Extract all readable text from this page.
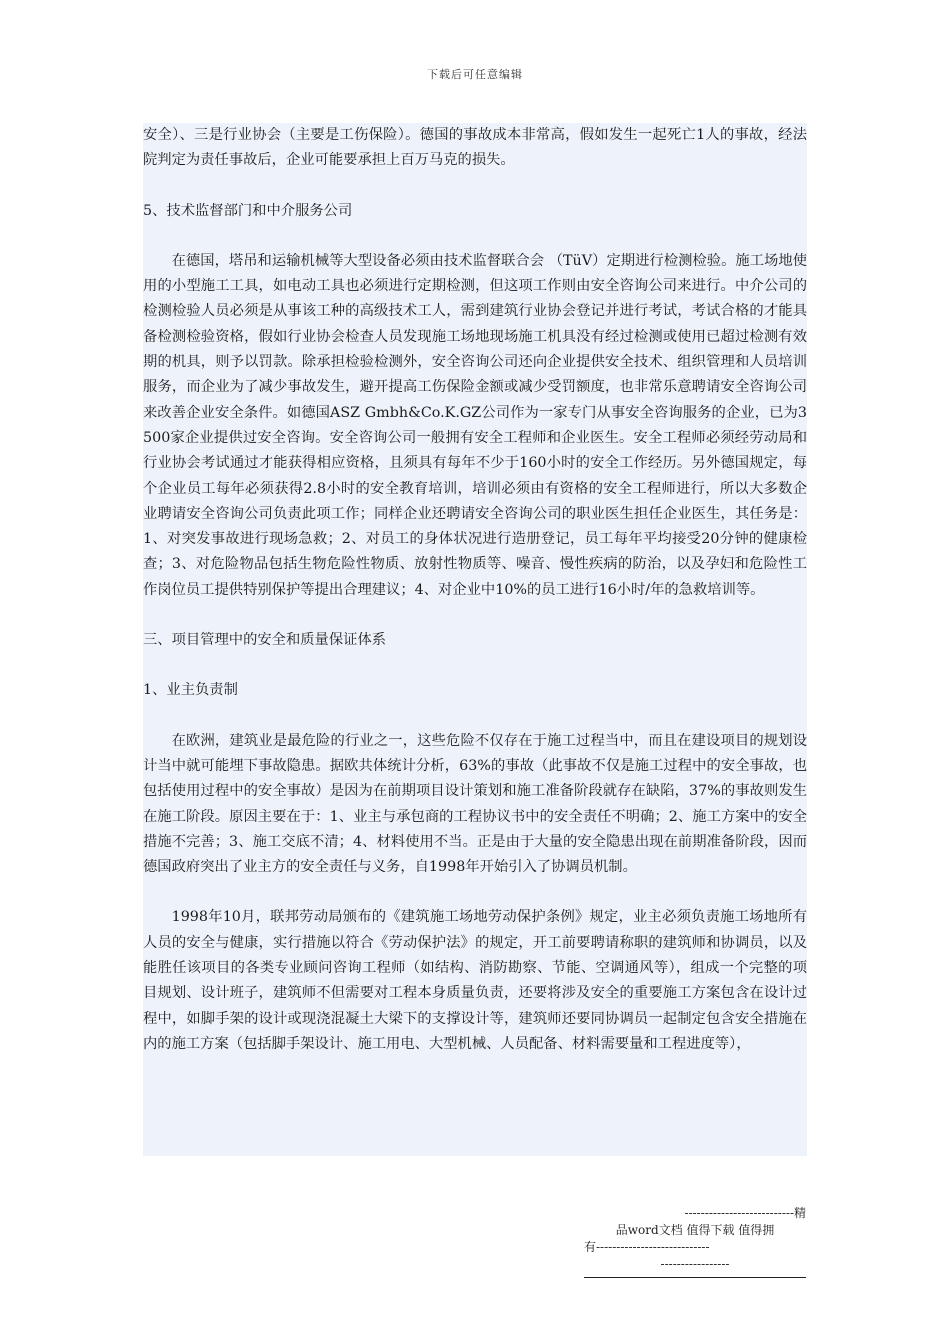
下载后可任意编辑

安全）、三是行业协会（主要是工伤保险）。德国的事故成本非常高，假如发生一起死亡1人的事故，经法院判定为责任事故后，企业可能要承担上百万马克的损失。

5、技术监督部门和中介服务公司

在德国，塔吊和运输机械等大型设备必须由技术监督联合会 （TüV）定期进行检测检验。施工场地使用的小型施工工具，如电动工具也必须进行定期检测，但这项工作则由安全咨询公司来进行。中介公司的检测检验人员必须是从事该工种的高级技术工人，需到建筑行业协会登记并进行考试，考试合格的才能具备检测检验资格，假如行业协会检查人员发现施工场地现场施工机具没有经过检测或使用已超过检测有效期的机具，则予以罚款。除承担检验检测外，安全咨询公司还向企业提供安全技术、组织管理和人员培训服务，而企业为了减少事故发生，避开提高工伤保险金额或减少受罚额度，也非常乐意聘请安全咨询公司来改善企业安全条件。如德国ASZ Gmbh&Co.K.GZ公司作为一家专门从事安全咨询服务的企业，已为3500家企业提供过安全咨询。安全咨询公司一般拥有安全工程师和企业医生。安全工程师必须经劳动局和行业协会考试通过才能获得相应资格，且须具有每年不少于160小时的安全工作经历。另外德国规定，每个企业员工每年必须获得2.8小时的安全教育培训，培训必须由有资格的安全工程师进行，所以大多数企业聘请安全咨询公司负责此项工作；同样企业还聘请安全咨询公司的职业医生担任企业医生，其任务是：1、对突发事故进行现场急救；2、对员工的身体状况进行造册登记，员工每年平均接受20分钟的健康检查；3、对危险物品包括生物危险性物质、放射性物质等、噪音、慢性疾病的防治，以及孕妇和危险性工作岗位员工提供特别保护等提出合理建议；4、对企业中10%的员工进行16小时/年的急救培训等。

三、项目管理中的安全和质量保证体系

1、业主负责制

在欧洲，建筑业是最危险的行业之一，这些危险不仅存在于施工过程当中，而且在建设项目的规划设计当中就可能埋下事故隐患。据欧共体统计分析，63%的事故（此事故不仅是施工过程中的安全事故，也包括使用过程中的安全事故）是因为在前期项目设计策划和施工准备阶段就存在缺陷，37%的事故则发生在施工阶段。原因主要在于：1、业主与承包商的工程协议书中的安全责任不明确；2、施工方案中的安全措施不完善；3、施工交底不清；4、材料使用不当。正是由于大量的安全隐患出现在前期准备阶段，因而德国政府突出了业主方的安全责任与义务，自1998年开始引入了协调员机制。

1998年10月，联邦劳动局颁布的《建筑施工场地劳动保护条例》规定，业主必须负责施工场地所有人员的安全与健康，实行措施以符合《劳动保护法》的规定，开工前要聘请称职的建筑师和协调员，以及能胜任该项目的各类专业顾问咨询工程师（如结构、消防勘察、节能、空调通风等），组成一个完整的项目规划、设计班子，建筑师不但需要对工程本身质量负责，还要将涉及安全的重要施工方案包含在设计过程中，如脚手架的设计或现浇混凝土大梁下的支撑设计等，建筑师还要同协调员一起制定包含安全措施在内的施工方案（包括脚手架设计、施工用电、大型机械、人员配备、材料需要量和工程进度等），

---------------------------精
品word文档 值得下载 值得拥
有----------------------------
-----------------
